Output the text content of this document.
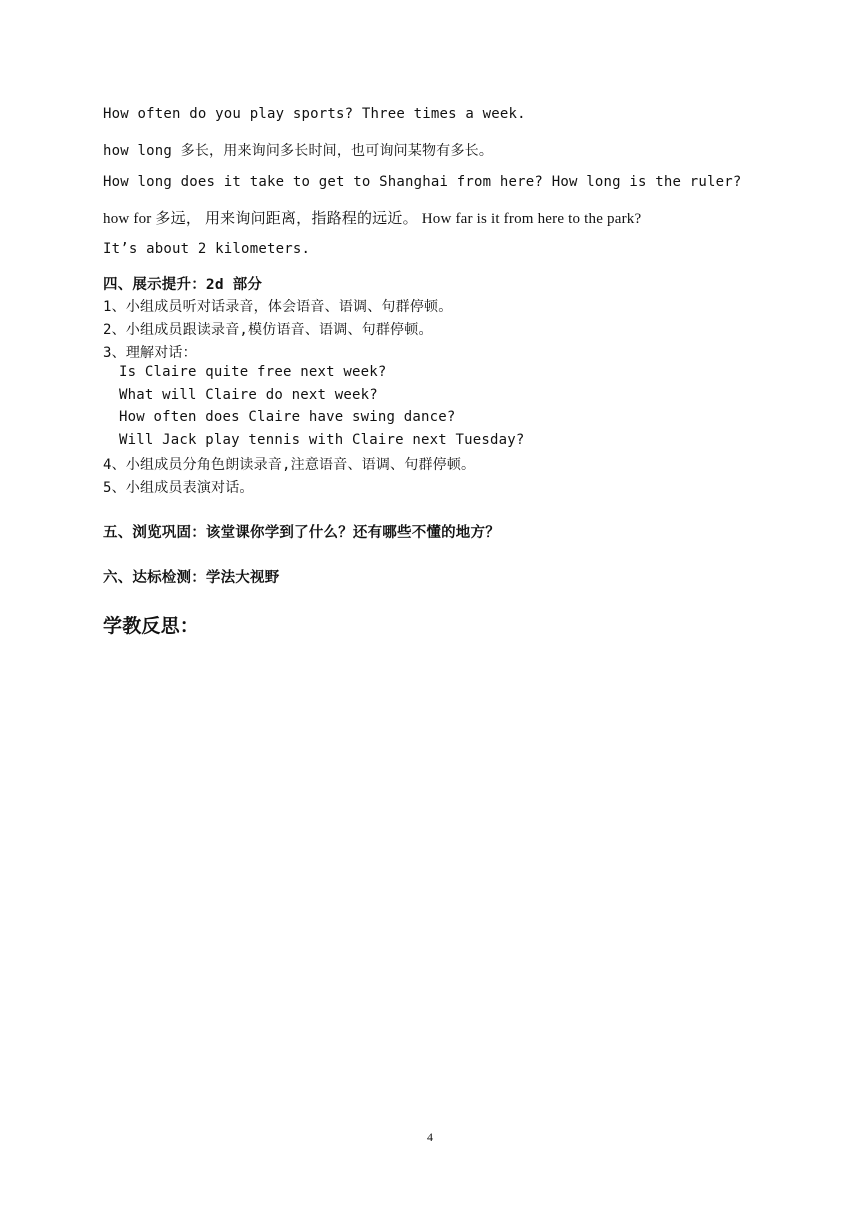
How often do you play sports? Three times a week.
how long 多长，用来询问多长时间，也可询问某物有多长。
How long does it take to get to Shanghai from here? How long is the ruler?
how for 多远， 用来询问距离，指路程的远近。 How far is it from here to the park?
It’s about 2 kilometers.
四、展示提升：2d 部分
1、小组成员听对话录音，体会语音、语调、句群停顿。
2、小组成员跟读录音,模仿语音、语调、句群停顿。
3、理解对话：
Is Claire quite free next week?
What will Claire do next week?
How often does Claire have swing dance?
Will Jack play tennis with Claire next Tuesday?
4、小组成员分角色朗读录音,注意语音、语调、句群停顿。
5、小组成员表演对话。
五、浏览巩固：该堂课你学到了什么？还有哪些不懂的地方？
六、达标检测：学法大视野
学教反思：
4
